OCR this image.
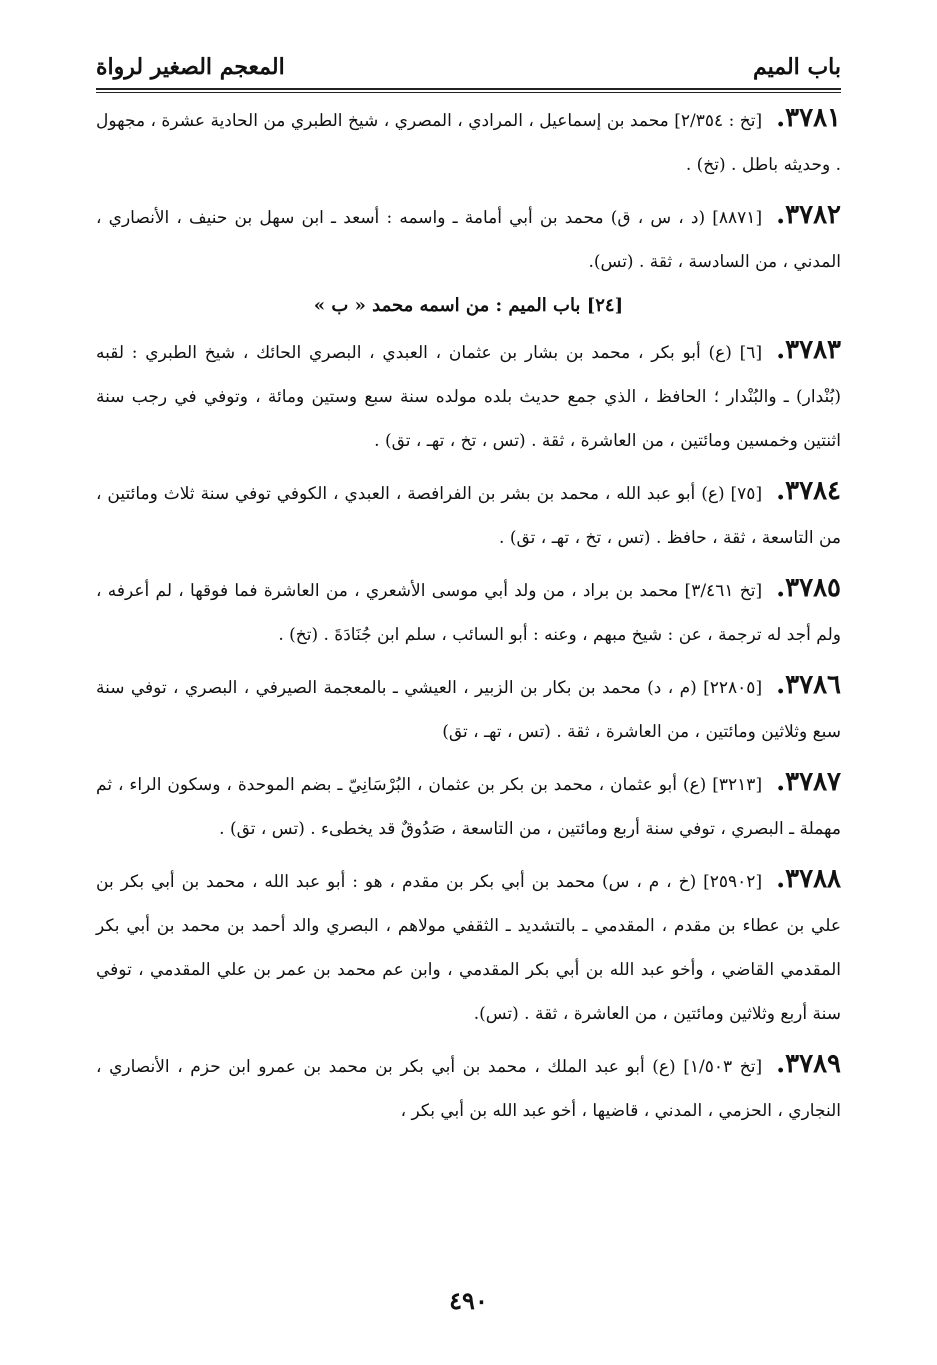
باب الميم
المعجم الصغير لرواة

٣٧٨١.[تخ : ٢/٣٥٤] محمد بن إسماعيل ، المرادي ، المصري ، شيخ الطبري من الحادية عشرة ، مجهول . وحديثه باطل . (تخ) .

٣٧٨٢.[٨٨٧١] (د ، س ، ق) محمد بن أبي أمامة ـ واسمه : أسعد ـ ابن سهل بن حنيف ، الأنصاري ، المدني ، من السادسة ، ثقة . (تس).

[٢٤] باب الميم : من اسمه محمد « ب »

٣٧٨٣.[٦] (ع) أبو بكر ، محمد بن بشار بن عثمان ، العبدي ، البصري الحائك ، شيخ الطبري : لقبه (بُنْدار) ـ والبُنْدار ؛ الحافظ ، الذي جمع حديث بلده مولده سنة سبع وستين ومائة ، وتوفي في رجب سنة اثنتين وخمسين ومائتين ، من العاشرة ، ثقة . (تس ، تخ ، تهـ ، تق) .

٣٧٨٤.[٧٥] (ع) أبو عبد الله ، محمد بن بشر بن الفرافصة ، العبدي ، الكوفي توفي سنة ثلاث ومائتين ، من التاسعة ، ثقة ، حافظ . (تس ، تخ ، تهـ ، تق) .

٣٧٨٥.[تخ ٣/٤٦١] محمد بن براد ، من ولد أبي موسى الأشعري ، من العاشرة فما فوقها ، لم أعرفه ، ولم أجد له ترجمة ، عن : شيخ مبهم ، وعنه : أبو السائب ، سلم ابن جُنَادَةَ . (تخ) .

٣٧٨٦.[٢٢٨٠٥] (م ، د) محمد بن بكار بن الزبير ، العيشي ـ بالمعجمة الصيرفي ، البصري ، توفي سنة سبع وثلاثين ومائتين ، من العاشرة ، ثقة . (تس ، تهـ ، تق)

٣٧٨٧.[٣٢١٣] (ع) أبو عثمان ، محمد بن بكر بن عثمان ، البُرْسَانِيّ ـ بضم الموحدة ، وسكون الراء ، ثم مهملة ـ البصري ، توفي سنة أربع ومائتين ، من التاسعة ، صَدُوقٌ قد يخطىء . (تس ، تق) .

٣٧٨٨.[٢٥٩٠٢] (خ ، م ، س) محمد بن أبي بكر بن مقدم ، هو : أبو عبد الله ، محمد بن أبي بكر بن علي بن عطاء بن مقدم ، المقدمي ـ بالتشديد ـ الثقفي مولاهم ، البصري والد أحمد بن محمد بن أبي بكر المقدمي القاضي ، وأخو عبد الله بن أبي بكر المقدمي ، وابن عم محمد بن عمر بن علي المقدمي ، توفي سنة أربع وثلاثين ومائتين ، من العاشرة ، ثقة . (تس).

٣٧٨٩.[تخ ١/٥٠٣] (ع) أبو عبد الملك ، محمد بن أبي بكر بن محمد بن عمرو ابن حزم ، الأنصاري ، النجاري ، الحزمي ، المدني ، قاضيها ، أخو عبد الله بن أبي بكر ،

٤٩٠
